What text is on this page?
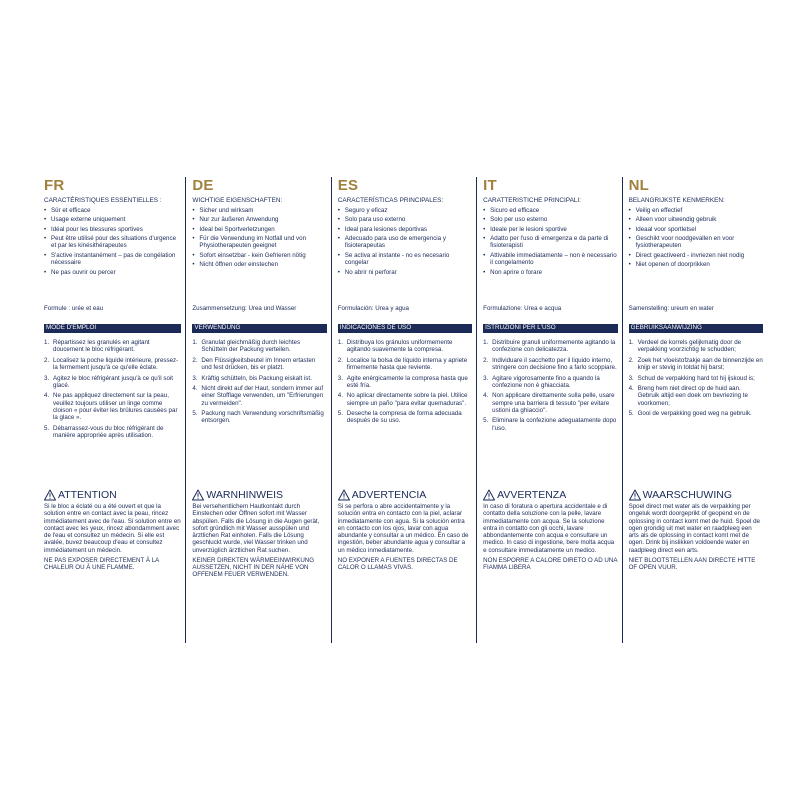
FR
CARACTÉRISTIQUES ESSENTIELLES :
• Sûr et efficace
• Usage externe uniquement
• Idéal pour les blessures sportives
• Peut être utilisé pour des situations d'urgence et par les kinésithérapeutes
• S'active instantanément – pas de congélation nécessaire
• Ne pas ouvrir ou percer
Formule : urée et eau
MODE D'EMPLOI
1. Répartissez les granulés en agitant doucement le bloc réfrigérant.
2. Localisez la poche liquide intérieure, pressez-la fermement jusqu'à ce qu'elle éclate.
3. Agitez le bloc réfrigérant jusqu'à ce qu'il soit glacé.
4. Ne pas appliquez directement sur la peau, veuillez toujours utiliser un linge comme cloison « pour éviter les brûlures causées par la glace ».
5. Débarrassez-vous du bloc réfrigérant de manière appropriée après utilisation.
ATTENTION
Si le bloc a éclaté ou a été ouvert et que la solution entre en contact avec la peau, rincez immédiatement avec de l'eau. Si solution entre en contact avec les yeux, rincez abondamment avec de l'eau et consultez un médecin. Si elle est avalée, buvez beaucoup d'eau et consultez immédiatement un médecin.
NE PAS EXPOSER DIRECTEMENT À LA CHALEUR OU À UNE FLAMME.
DE
WICHTIGE EIGENSCHAFTEN:
• Sicher und wirksam
• Nur zur äußeren Anwendung
• Ideal bei Sportverletzungen
• Für die Verwendung im Notfall und von Physiotherapeuten geeignet
• Sofort einsetzbar - kein Gefrieren nötig
• Nicht öffnen oder einstechen
Zusammensetzung: Urea und Wasser
VERWENDUNG
1. Granulat gleichmäßig durch leichtes Schütteln der Packung verteilen.
2. Den Flüssigkeitsbeutel im Innern ertasten und fest drücken, bis er platzt.
3. Kräftig schütteln, bis Packung eiskalt ist.
4. Nicht direkt auf der Haut, sondern immer auf einer Stofflage verwenden, um "Erfrierungen zu vermeiden".
5. Packung nach Verwendung vorschriftsmäßig entsorgen.
WARNHINWEIS
Bei versehentlichem Hautkontakt durch Einstechen oder Öffnen sofort mit Wasser abspülen. Falls die Lösung in die Augen gerät, sofort gründlich mit Wasser ausspülen und ärztlichen Rat einholen. Falls die Lösung geschluckt wurde, viel Wasser trinken und unverzüglich ärztlichen Rat suchen.
KEINER DIREKTEN WÄRMEEINWIRKUNG AUSSETZEN, NICHT IN DER NÄHE VON OFFENEM FEUER VERWENDEN.
ES
CARACTERÍSTICAS PRINCIPALES:
• Seguro y eficaz
• Solo para uso externo
• Ideal para lesiones deportivas
• Adecuado para uso de emergencia y fisioterapeutas
• Se activa al instante - no es necesario congelar
• No abrir ni perforar
Formulación: Urea y agua
INDICACIONES DE USO
1. Distribuya los gránulos uniformemente agitando suavemente la compresa.
2. Localice la bolsa de líquido interna y apriete firmemente hasta que reviente.
3. Agite enérgicamente la compresa hasta que esté fría.
4. No aplicar directamente sobre la piel. Utilice siempre un paño "para evitar quemaduras".
5. Deseche la compresa de forma adecuada después de su uso.
ADVERTENCIA
Si se perfora o abre accidentalmente y la solución entra en contacto con la piel, aclarar inmediatamente con agua. Si la solución entra en contacto con los ojos, lavar con agua abundante y consultar a un médico. En caso de ingestión, beber abundante agua y consultar a un médico inmediatamente.
NO EXPONER A FUENTES DIRECTAS DE CALOR O LLAMAS VIVAS.
IT
CARATTERISTICHE PRINCIPALI:
• Sicuro ed efficace
• Solo per uso esterno
• Ideale per le lesioni sportive
• Adatto per l'uso di emergenza e da parte di fisioterapisti
• Attivabile immediatamente – non è necessario il congelamento
• Non aprire o forare
Formulazione: Urea e acqua
ISTRUZIONI PER L'USO
1. Distribuire granuli uniformemente agitando la confezione con delicatezza.
2. Individuare il sacchetto per il liquido interno, stringere con decisione fino a farlo scoppiare.
3. Agitare vigorosamente fino a quando la confezione non è ghiacciata.
4. Non applicare direttamente sulla pelle, usare sempre una barriera di tessuto "per evitare ustioni da ghiaccio".
5. Eliminare la confezione adeguatamente dopo l'uso.
AVVERTENZA
In caso di foratura o apertura accidentale e di contatto della soluzione con la pelle, lavare immediatamente con acqua. Se la soluzione entra in contatto con gli occhi, lavare abbondantemente con acqua e consultare un medico. In caso di ingestione, bere molta acqua e consultare immediatamente un medico.
NON ESPORRE A CALORE DIRETO O AD UNA FIAMMA LIBERA
NL
BELANGRIJKSTE KENMERKEN:
• Veilig en effectief
• Alleen voor uitwendig gebruik
• Ideaal voor sportletsel
• Geschikt voor noodgevallen en voor fysiotherapeuten
• Direct geactiveerd - invriezen niet nodig
• Niet openen of doorprikken
Samenstelling: ureum en water
GEBRUIKSAANWIJZING
1. Verdeel de korrels gelijkmatig door de verpakking voorzichtig te schudden;
2. Zoek het vloeistofzakje aan de binnenzijde en knijp er stevig in totdat hij barst;
3. Schud de verpakking hard tot hij ijskoud is;
4. Breng hem niet direct op de huid aan. Gebruik altijd een doek om bevriezing te voorkomen;
5. Gooi de verpakking goed weg na gebruik.
WAARSCHUWING
Spoel direct met water als de verpakking per ongeluk wordt doorgeprikt of geopend en de oplossing in contact komt met de huid. Spoel de ogen grondig uit met water en raadpleeg een arts als de oplossing in contact komt met de ogen. Drink bij inslikken voldoende water en raadpleeg direct een arts.
NIET BLOOTSTELLEN AAN DIRECTE HITTE OF OPEN VUUR.
